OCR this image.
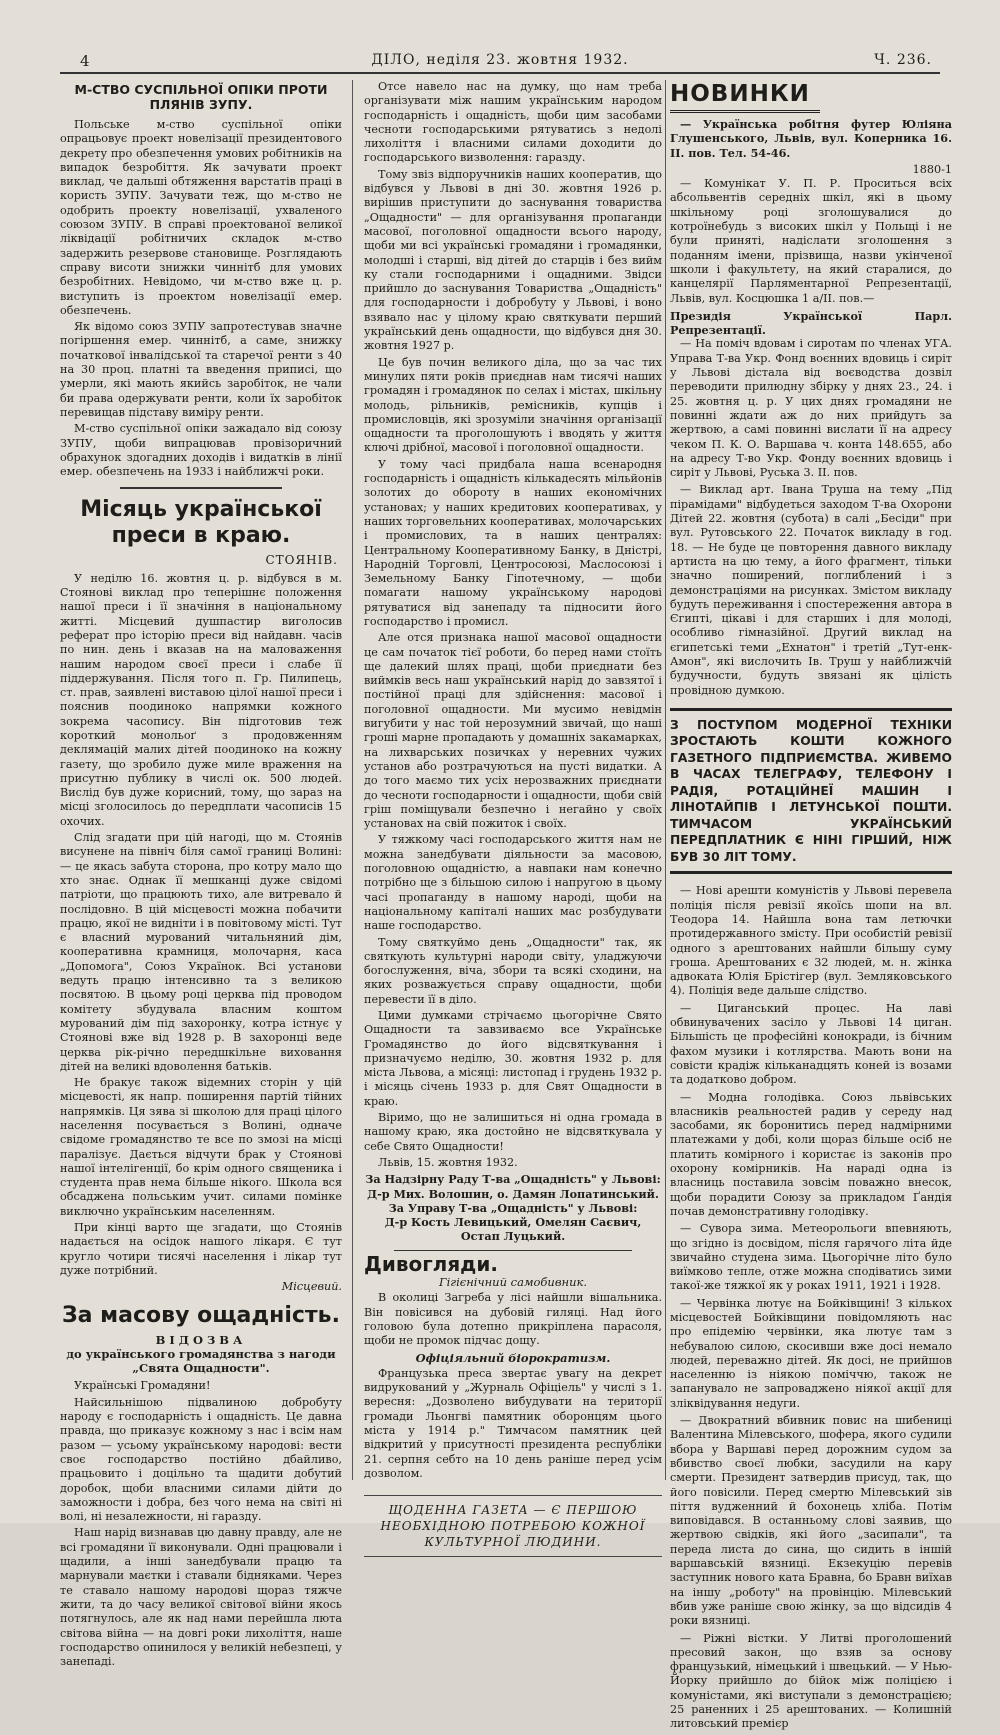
4	ДІЛО, неділя 23. жовтня 1932.	Ч. 236.
М-СТВО СУСПІЛЬНОЇ ОПІКИ ПРОТИ ПЛЯНІВ ЗУПУ.

Польське м-ство суспільної опіки опрацьовує проект новелізації президентового декрету про обезпечення умових робітників на випадок безробіття. Як зачувати проект виклад, че дальші обтяження варстатів праці в користь ЗУПУ. Зачувати теж, що м-ство не одобрить проекту новелізації, ухваленого союзом ЗУПУ. В справі проектованої великої ліквідації робітничих складок м-ство задержить резервове становище. Розглядають справу висоти знижки чиннітб для умових безробітних. Невідомо, чи м-ство вже ц. р. виступить із проектом новелізації емер. обезпечень.

Як відомо союз ЗУПУ запротестував значне погіршення емер. чиннітб, а саме, знижку початкової інвалідської та старечої ренти з 40 на 30 проц. платні та введення приписі, що умерли, які мають якийсь заробіток, не чали би права одержувати ренти, коли їх заробіток перевищав підставу виміру ренти.

М-ство суспільної опіки зажадало від союзу ЗУПУ, щоби випрацював провізоричний обрахунок здогадних доходів і видатків в лінії емер. обезпечень на 1933 і найближчі роки.

Місяць української преси в краю.
СТОЯНІВ.

У неділю 16. жовтня ц. р. відбувся в м. Стоянові виклад про теперішнє положення нашої преси і її значіння в національному житті. Місцевий душпастир виголосив реферат про історію преси від найдавн. часів по нин. день і вказав на на маловаження нашим народом своєї преси і слабе її піддержування. Після того п. Гр. Пилипець, ст. прав, заявлені виставою цілої нашої преси і пояснив поодиноко напрямки кожного зокрема часопису. Він підготовив теж короткий монольоґ з продовженням деклямацій малих дітей поодиноко на кожну газету, що зробило дуже миле враження на присутню публику в числі ок. 500 людей. Вислід був дуже корисний, тому, що зараз на місці зголосилось до передплати часописів 15 охочих.

Слід згадати при цій нагоді, що м. Стоянів висунене на північ біля самої границі Волині: — це якась забута сторона, про котру мало що хто знає. Однак її мешканці дуже свідомі патріоти, що працюють тихо, але витревало й послідовно. В цій місцевості можна побачити працю, якої не видніти і в повітовому місті. Тут є власний мурований читальняний дім, кооперативна крамниця, молочарня, каса „Допомога", Союз Українок. Всі установи ведуть працю інтенсивно та з великою посвятою. В цьому році церква під проводом комітету збудувала власним коштом мурований дім під захоронку, котра істнує у Стоянові вже від 1928 р. В захоронці веде церква рік-річно передшкільне виховання дітей на великі вдоволення батьків.

Не бракує також відемних сторін у цій місцевості, як напр. поширення партій тійних напрямків. Ця зява зі школою для праці цілого населення посувається з Волині, одначе свідоме громадянство те все по змозі на місці паралізує. Дається відчути брак у Стоянові нашої інтелігенції, бо крім одного священика і студента прав нема більше нікого. Школа вся обсаджена польським учит. силами помінке виключно українським населенням.

При кінці варто ще згадати, що Стоянів надається на осідок нашого лікаря. Є тут кругло чотири тисячі населення і лікар тут дуже потрібний.

Місцевий.
За масову ощадність.
ВІДОЗВА
до українського громадянства з нагоди „Свята Ощадности".

Українські Громадяни!

Найсильнішою підвалиною добробуту народу є господарність і ощадність. Це давна правда, що приказує кожному з нас і всім нам разом — усьому українському народові: вести своє господарство постійно дбайливо, працьовито і доцільно та щадити добутий доробок, щоби власними силами дійти до заможности і добра, без чого нема на світі ні волі, ні незалежности, ні гаразду.

Наш нарід визнавав цю давну правду, але не всі громадяни її виконували. Одні працювали і щадили, а інші занедбували працю та марнували маєтки і ставали бідняками. Через те ставало нашому народові щораз тяжче жити, та до часу великої світової війни якось потягнулось, але як над нами перейшла люта світова війна — на довгі роки лихоліття, наше господарство опинилося у великій небезпеці, у занепаді.

Отсе навело нас на думку, що нам треба організувати між нашим українським народом господарність і ощадність, щоби цим засобами чесноти господарськими рятуватись з недолі лихоліття і власними силами доходити до господарського визволення: гаразду.

Тому звіз відпоручників наших кооператив, що відбувся у Львові в дні 30. жовтня 1926 р. вирішив приступити до заснування товариства „Ощадности" — для організування пропаганди масової, поголовної ощадности всього народу, щоби ми всі українські громадяни і громадянки, молодші і старші, від дітей до старців і без вийм ку стали господарними і ощадними. Звідси прийшло до заснування Товариства „Ощадність" для господарности і добробуту у Львові, і воно взявало нас у цілому краю святкувати перший український день ощадности, що відбувся дня 30. жовтня 1927 р.

Це був почин великого діла, що за час тих минулих пяти років приєднав нам тисячі наших громадян і громадянок по селах і містах, шкільну молодь, рільників, ремісників, купців і промисловців, які зрозуміли значіння організації ощадности та проголошують і вводять у життя ключі дрібної, масової і поголовної ощадности.

У тому часі придбала наша всенародня господарність і ощадність кількадесять мільйонів золотих до обороту в наших економічних установах; у наших кредитових кооперативах, у наших торговельних кооперативах, молочарських і промислових, та в наших централях: Центральному Кооперативному Банку, в Дністрі, Народній Торговлі, Центросоюзі, Маслосоюзі і Земельному Банку Гіпотечному, — щоби помагати нашому українському народові рятуватися від занепаду та підносити його господарство і промисл.

Але отся признака нашої масової ощадности це сам початок тієї роботи, бо перед нами стоїть ще далекий шлях праці, щоби приєднати без виймків весь наш український нарід до завзятої і постійної праці для здійснення: масової і поголовної ощадности. Ми мусимо невідмін вигубити у нас той нерозумний звичай, що наші гроші марне пропадають у домашніх закамарках, на лихварських позичках у неревних чужих установ або розтрачуються на пусті видатки. А до того маємо тих усіх нерозважних приєднати до чесноти господарности і ощадности, щоби свій гріш поміщували безпечно і негайно у своїх установах на свій пожиток і своїх.

У тяжкому часі господарського життя нам не можна занедбувати діяльности за масовою, поголовною ощадністю, а навпаки нам конечно потрібно ще з більшою силою і напругою в цьому часі пропаганду в нашому народі, щоби на національному капіталі наших мас розбудувати наше господарство.

Тому святкуймо день „Ощадности" так, як святкують культурні народи світу, уладжуючи богослуження, віча, збори та всякі сходини, на яких розважується справу ощадности, щоби перевести її в діло.

Цими думками стрічаємо цьогорічне Свято Ощадности та завзиваємо все Українське Громадянство до його відсвяткування і призначуємо неділю, 30. жовтня 1932 р. для міста Львова, а місяці: листопад і грудень 1932 р. і місяць січень 1933 р. для Свят Ощадности в краю.

Віримо, що не залишиться ні одна громада в нашому краю, яка достойно не відсвяткувала у себе Свято Ощадности!

Львів, 15. жовтня 1932.

За Надзірну Раду Т-ва „Ощадність" у Львові:
Д-р Мих. Волошин, о. Дамян Лопатинський.
За Управу Т-ва „Ощадність" у Львові:
Д-р Кость Левицький, Омелян Саєвич,
Остап Луцький.
Дивогляди.
Гігієнічний самобивник.

В околиці Загреба у лісі найшли вішальника. Він повісився на дубовій гиляці. Над його головою була дотепно прикріплена парасоля, щоби не промок підчас дощу.

Офіціяльний біорократизм.

Французька преса звертає увагу на декрет видрукований у „Журналь Офіціель" у числі з 1. вересня: „Дозволено вибудувати на території громади Льонгві памятник оборонцям цього міста у 1914 р." Тимчасом памятник цей відкритий у присутності президента республіки 21. серпня себто на 10 день раніше перед усім дозволом.

ЩОДЕННА ГАЗЕТА — Є ПЕРШОЮ НЕОБХІДНОЮ ПОТРЕБОЮ КОЖНОЇ КУЛЬТУРНОЇ ЛЮДИНИ.
НОВИНКИ

— Українська робітня футер Юліяна Глушенського, Львів, вул. Коперника 16. ІІ. пов. Тел. 54-46.

1880-1

— Комунікат У. П. Р. Проситься всіх абсольвентів середніх шкіл, які в цьому шкільному році зголошувалися до котроїнебудь з високих шкіл у Польщі і не були приняті, надіслати зголошення з поданням імени, прізвища, назви укінченої школи і факультету, на який старалися, до канцелярії Парляментарної Репрезентації, Львів, вул. Косцюшка 1 а/ІІ. пов.—

Президія Української Парл. Репрезентації.

— На поміч вдовам і сиротам по членах УГА. Управа Т-ва Укр. Фонд воєнних вдовиць і сиріт у Львові дістала від воєводства дозвіл переводити прилюдну збірку у днях 23., 24. і 25. жовтня ц. р. У цих днях громадяни не повинні ждати аж до них прийдуть за жертвою, а самі повинні вислати її на адресу чеком П. К. О. Варшава ч. конта 148.655, або на адресу Т-во Укр. Фонду воєнних вдовиць і сиріт у Львові, Руська 3. ІІ. пов.

— Виклад арт. Івана Труша на тему „Під пірамідами" відбудеться заходом Т-ва Охорони Дітей 22. жовтня (субота) в салі „Бесіди" при вул. Рутовського 22. Початок викладу в год. 18. — Не буде це повторення давного викладу артиста на цю тему, а його фрагмент, тільки значно поширений, поглиблений і з демонстраціями на рисунках. Змістом викладу будуть переживання і спостереження автора в Єгипті, цікаві і для старших і для молоді, особливо гімназійної. Другий виклад на єгипетські теми „Ехнатон" і третій „Тут-енк-Амон", які вислочить Ів. Труш у найближчій будучности, будуть звязані як цілість провідною думкою.

З ПОСТУПОМ МОДЕРНОЇ ТЕХНІКИ ЗРОСТАЮТЬ КОШТИ КОЖНОГО ГАЗЕТНОГО ПІДПРИЄМСТВА. ЖИВЕМО В ЧАСАХ ТЕЛЕГРАФУ, ТЕЛЕФОНУ І РАДІЯ, РОТАЦІЙНЕЇ МАШИН І ЛІНОТАЙПІВ І ЛЕТУНСЬКОЇ ПОШТИ. ТИМЧАСОМ УКРАЇНСЬКИЙ ПЕРЕДПЛАТНИК Є НІНІ ГІРШИЙ, НІЖ БУВ 30 ЛІТ ТОМУ.

— Нові арешти комуністів у Львові перевела поліція після ревізії якоїсь шопи на вл. Теодора 14. Найшла вона там летючки протидержавного змісту. При особистій ревізії одного з арештованих найшли більшу суму гроша. Арештованих є 32 людей, м. н. жінка адвоката Юлія Брістігер (вул. Земляковського 4). Поліція веде дальше слідство.

— Циганський процес. На лаві обвинувачених засіло у Львові 14 циган. Більшість це професійні конокради, із бічним фахом музики і котлярства. Мають вони на совісти крадіж кільканадцять коней із возами та додатково добром.

— Модна голодівка. Союз львівських власників реальностей радив у середу над засобами, як боронитись перед надмірними платежами у добі, коли щораз більше осіб не платить комірного і користає із законів про охорону комірників. На нараді одна із власниць поставила зовсім поважно внесок, щоби порадити Союзу за прикладом Ґандія почав демонстративну голодівку.

— Сувора зима. Метеорольоги впевняють, що згідно із досвідом, після гарячого літа йде звичайно студена зима. Цьогорічне літо було виїмково тепле, отже можна сподіватись зими такої-же тяжкої як у роках 1911, 1921 і 1928.

— Червінка лютує на Бойківщині! З кількох місцевостей Бойківщини повідомляють нас про епідемію червінки, яка лютує там з небувалою силою, скосивши вже досі немало людей, переважно дітей. Як досі, не прийшов населенню із ніякою поміччю, також не запанувало не запроваджено ніякої акції для зліквідування недуги.

— Двократний вбивник повис на шибениці Валентина Мілевського, шофера, якого судили вбора у Варшаві перед дорожним судом за вбивство своєї любки, засудили на кару смерти. Президент затвердив присуд, так, що його повісили. Перед смертю Мілевський зів піття вудженний й бохонець хліба. Потім виповідався. В останньому слові заявив, що жертвою свідків, які його „засипали", та переда листа до сина, що сидить в іншій варшавській вязниці. Екзекуцію перевів заступник нового ката Бравна, бо Бравн виїхав на іншу „роботу" на провінцію. Мілевський вбив уже раніше свою жінку, за що відсидів 4 роки вязниці.

— Ріжні вістки. У Литві проголошений пресовий закон, що взяв за основу французький, німецький і швецький. — У Нью-Йорку прийшло до бійок між поліцією і комуністами, які виступали з демонстрацією; 25 раненних і 25 арештованих. — Колишній литовський премієр
